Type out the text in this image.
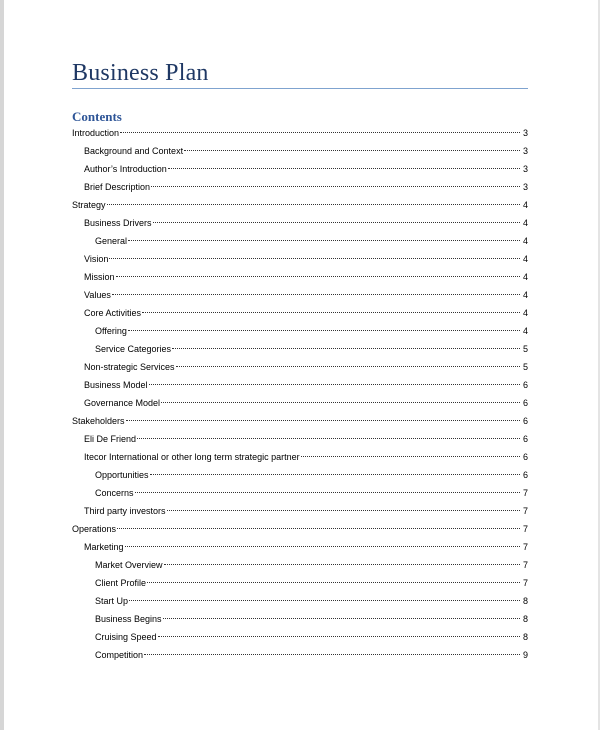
Business Plan
Contents
Introduction	3
Background and Context	3
Author’s Introduction	3
Brief Description	3
Strategy	4
Business Drivers	4
General	4
Vision	4
Mission	4
Values	4
Core Activities	4
Offering	4
Service Categories	5
Non-strategic Services	5
Business Model	6
Governance Model	6
Stakeholders	6
Eli De Friend	6
Itecor International or other long term strategic partner	6
Opportunities	6
Concerns	7
Third party investors	7
Operations	7
Marketing	7
Market Overview	7
Client Profile	7
Start Up	8
Business Begins	8
Cruising Speed	8
Competition	9
